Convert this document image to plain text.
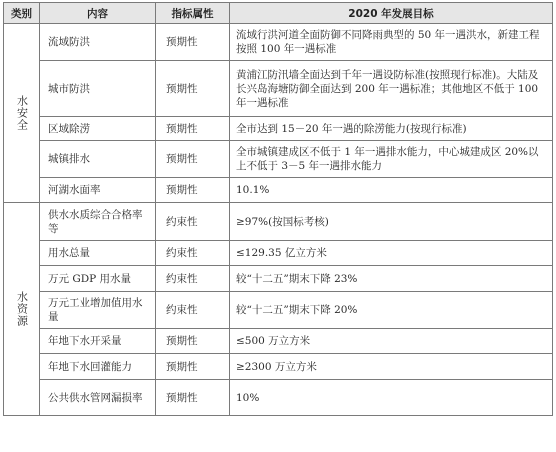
类别	内容	指标属性	2020 年发展目标
水安全	流域防洪	预期性	流域行洪河道全面防御不同降雨典型的 50 年一遇洪水，新建工程按照 100 年一遇标准
	城市防洪	预期性	黄浦江防汛墙全面达到千年一遇设防标准(按照现行标准)。大陆及长兴岛海塘防御全面达到 200 年一遇标准；其他地区不低于 100 年一遇标准
	区域除涝	预期性	全市达到 15－20 年一遇的除涝能力(按现行标准)
	城镇排水	预期性	全市城镇建成区不低于 1 年一遇排水能力，中心城建成区 20%以上不低于 3－5 年一遇排水能力
	河湖水面率	预期性	10.1%
水资源	供水水质综合合格率等	约束性	≥97%(按国标考核)
	用水总量	约束性	≤129.35 亿立方米
	万元 GDP 用水量	约束性	较“十二五”期末下降 23%
	万元工业增加值用水量	约束性	较“十二五”期末下降 20%
	年地下水开采量	预期性	≤500 万立方米
	年地下水回灌能力	预期性	≥2300 万立方米
	公共供水管网漏损率	预期性	10%
